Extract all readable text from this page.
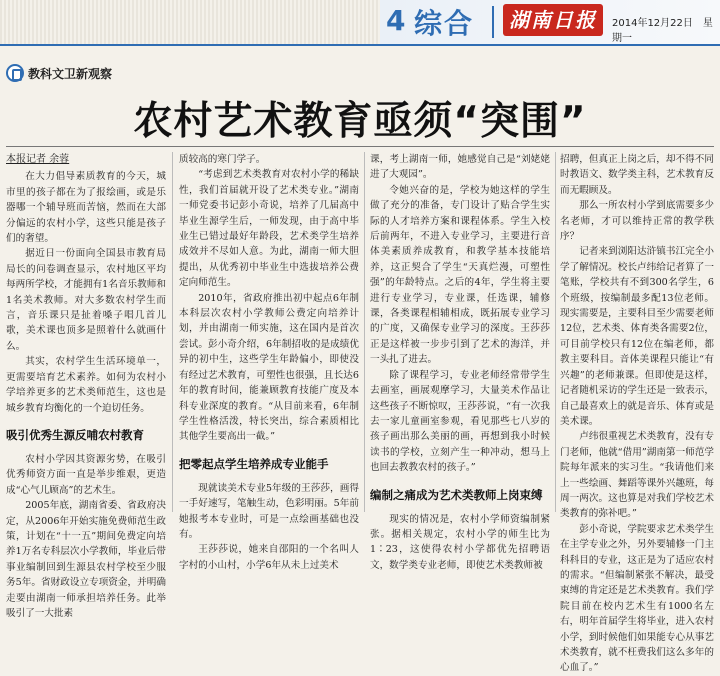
4 综合	湖南日报	2014年12月22日　星期一
教科文卫新观察
农村艺术教育亟须“突围”

本报记者 余蓉

在大力倡导素质教育的今天，城市里的孩子都在为了报绘画，或是乐器哪一个辅导班而苦恼，然而在大部分偏远的农村小学，这些只能是孩子们的奢望。

据近日一份面向全国县市教育局局长的问卷调查显示，农村地区平均每两所学校，才能拥有1名音乐教师和1名美术教师。对大多数农村学生而言，音乐课只是扯着嗓子唱几首儿歌，美术课也顶多是照着什么就画什么。

其实，农村学生生活环境单一，更需要培育艺术素养。如何为农村小学培养更多的艺术类师范生，这也是城乡教育均衡化的一个迫切任务。

吸引优秀生源反哺农村教育

农村小学因其资源劣势，在吸引优秀师资方面一直是举步维艰，更造成“心气儿顾高”的艺术生。

2005年底，湖南省委、省政府决定，从2006年开始实施免费师范生政策，计划在“十一五”期间免费定向培养1万名专科层次小学教师，毕业后带事业编制回到生源县农村学校至少服务5年。省财政设立专项资金，并明确走要由湖南一师承担培养任务。此举吸引了一大批素

质较高的寒门学子。

“考虑到艺术类教育对农村小学的稀缺性，我们首届就开设了艺术类专业。”湖南一师党委书记彭小奇说，培养了几届高中毕业生源学生后，一师发现，由于高中毕业生已错过最好年龄段，艺术类学生培养成效并不尽如人意。为此，湖南一师大胆提出，从优秀初中毕业生中选拔培养公费定向师范生。

2010年，省政府推出初中起点6年制本科层次农村小学教师公费定向培养计划，并由湖南一师实施，这在国内是首次尝试。彭小奇介绍，6年制招收的是成绩优异的初中生，这些学生年龄偏小，即使没有经过艺术教育，可塑性也很强，且长达6年的教育时间，能兼顾教育技能广度及本科专业深度的教育。“从目前来看，6年制学生性格活泼，特长突出，综合素质相比其他学生要高出一截。”

把零起点学生培养成专业能手

现就读美术专业5年级的王莎莎，画得一手好速写，笔触生动，色彩明丽。5年前她报考本专业时，可是一点绘画基础也没有。

王莎莎说，她来自邵阳的一个名叫人字村的小山村，小学6年从未上过美术

课，考上湖南一师，她感觉自己是“刘姥姥进了大观园”。

令她兴奋的是，学校为她这样的学生做了充分的准备，专门设计了贴合学生实际的人才培养方案和课程体系。学生入校后前两年，不进入专业学习，主要进行音体美素质养成教育，和教学基本技能培养，这正契合了学生“天真烂漫，可塑性强”的年龄特点。之后的4年，学生将主要进行专业学习，专业课，任选课，辅修课，各类课程相辅相成，既拓展专业学习的广度，又确保专业学习的深度。王莎莎正是这样被一步步引到了艺术的海洋，并一头扎了进去。

除了课程学习，专业老师经常带学生去画室，画展观摩学习，大量美术作品让这些孩子不断惊叹，王莎莎说，“有一次我去一家儿童画室参观，看见那些七八岁的孩子画出那么美丽的画，再想到我小时候读书的学校，立刻产生一种冲动，想马上也回去教教农村的孩子。”

编制之痛成为艺术类教师上岗束缚

现实的情况是，农村小学师资编制紧张。据相关规定，农村小学的师生比为1∶23，这使得农村小学都优先招聘语文，数学类专业老师，即使艺术类教师被

招聘，但真正上岗之后，却不得不同时教语文、数学类主科，艺术教育反而无暇顾及。

那么一所农村小学到底需要多少名老师，才可以维持正常的教学秩序？

记者来到浏阳达浒镇书江完全小学了解情况。校长卢纬给记者算了一笔账，学校共有不到300名学生，6个班级，按编制最多配13位老师。现实需要是，主要科目至少需要老师12位，艺术类、体育类各需要2位，可目前学校只有12位在编老师，都教主要科目。音体美课程只能让“有兴趣”的老师兼课。但即使是这样，记者随机采访的学生还是一致表示，自己最喜欢上的就是音乐、体育或是美术课。

卢纬很重视艺术类教育，没有专门老师，他就“借用”湖南第一师范学院每年派来的实习生。“我请他们来上一些绘画、舞蹈等课外兴趣班，每周一两次。这也算是对我们学校艺术类教育的弥补吧。”

彭小奇说，学院要求艺术类学生在主学专业之外，另外要辅修一门主科科目的专业，这正是为了适应农村的需求。“但编制紧张不解决，最受束缚的肯定还是艺术类教育。我们学院目前在校内艺术生有1000名左右，明年首届学生将毕业，进入农村小学，到时候他们如果能专心从事艺术类教育，就不枉费我们这么多年的心血了。”
